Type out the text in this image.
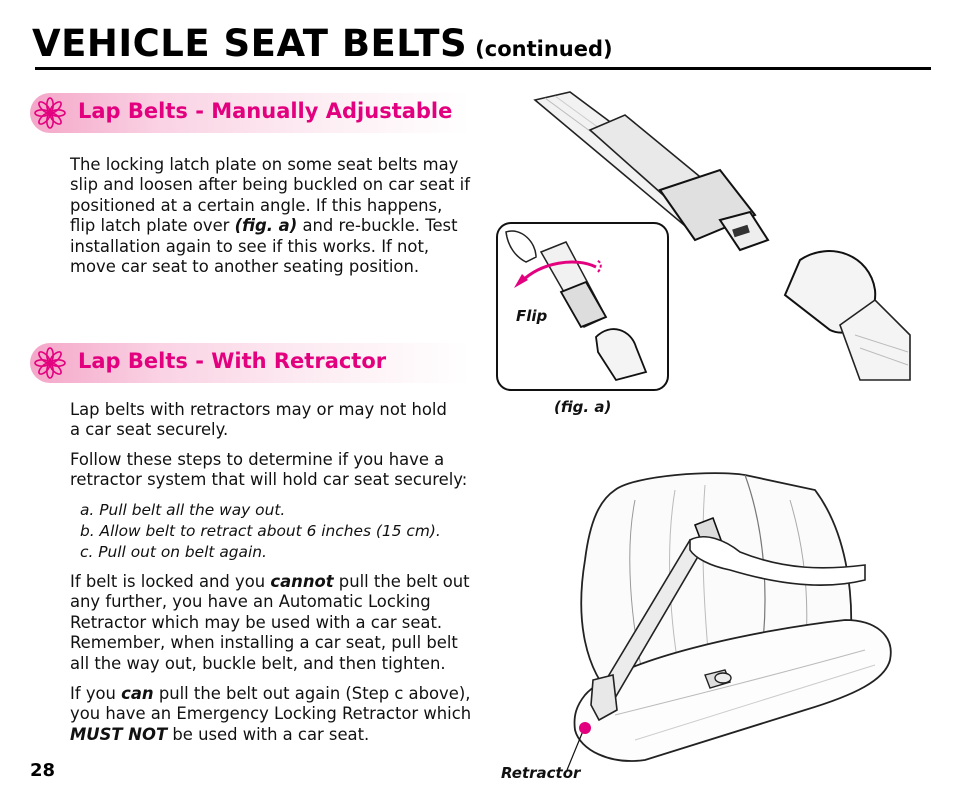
VEHICLE SEAT BELTS (continued)
Lap Belts - Manually Adjustable

The locking latch plate on some seat belts may

slip and loosen after being buckled on car seat if

positioned at a certain angle. If this happens,

flip latch plate over (fig. a) and re-buckle. Test

installation again to see if this works. If not,

move car seat to another seating position.

Lap Belts - With Retractor

Lap belts with retractors may or may not hold

a car seat securely.

Follow these steps to determine if you have a

retractor system that will hold car seat securely:

a. Pull belt all the way out.
b. Allow belt to retract about 6 inches (15 cm).
c. Pull out on belt again.

If belt is locked and you cannot pull the belt out

any further, you have an Automatic Locking

Retractor which may be used with a car seat.

Remember, when installing a car seat, pull belt

all the way out, buckle belt, and then tighten.

If you can pull the belt out again (Step c above),

you have an Emergency Locking Retractor which

MUST NOT be used with a car seat.

Flip
(fig. a)
Retractor
28
